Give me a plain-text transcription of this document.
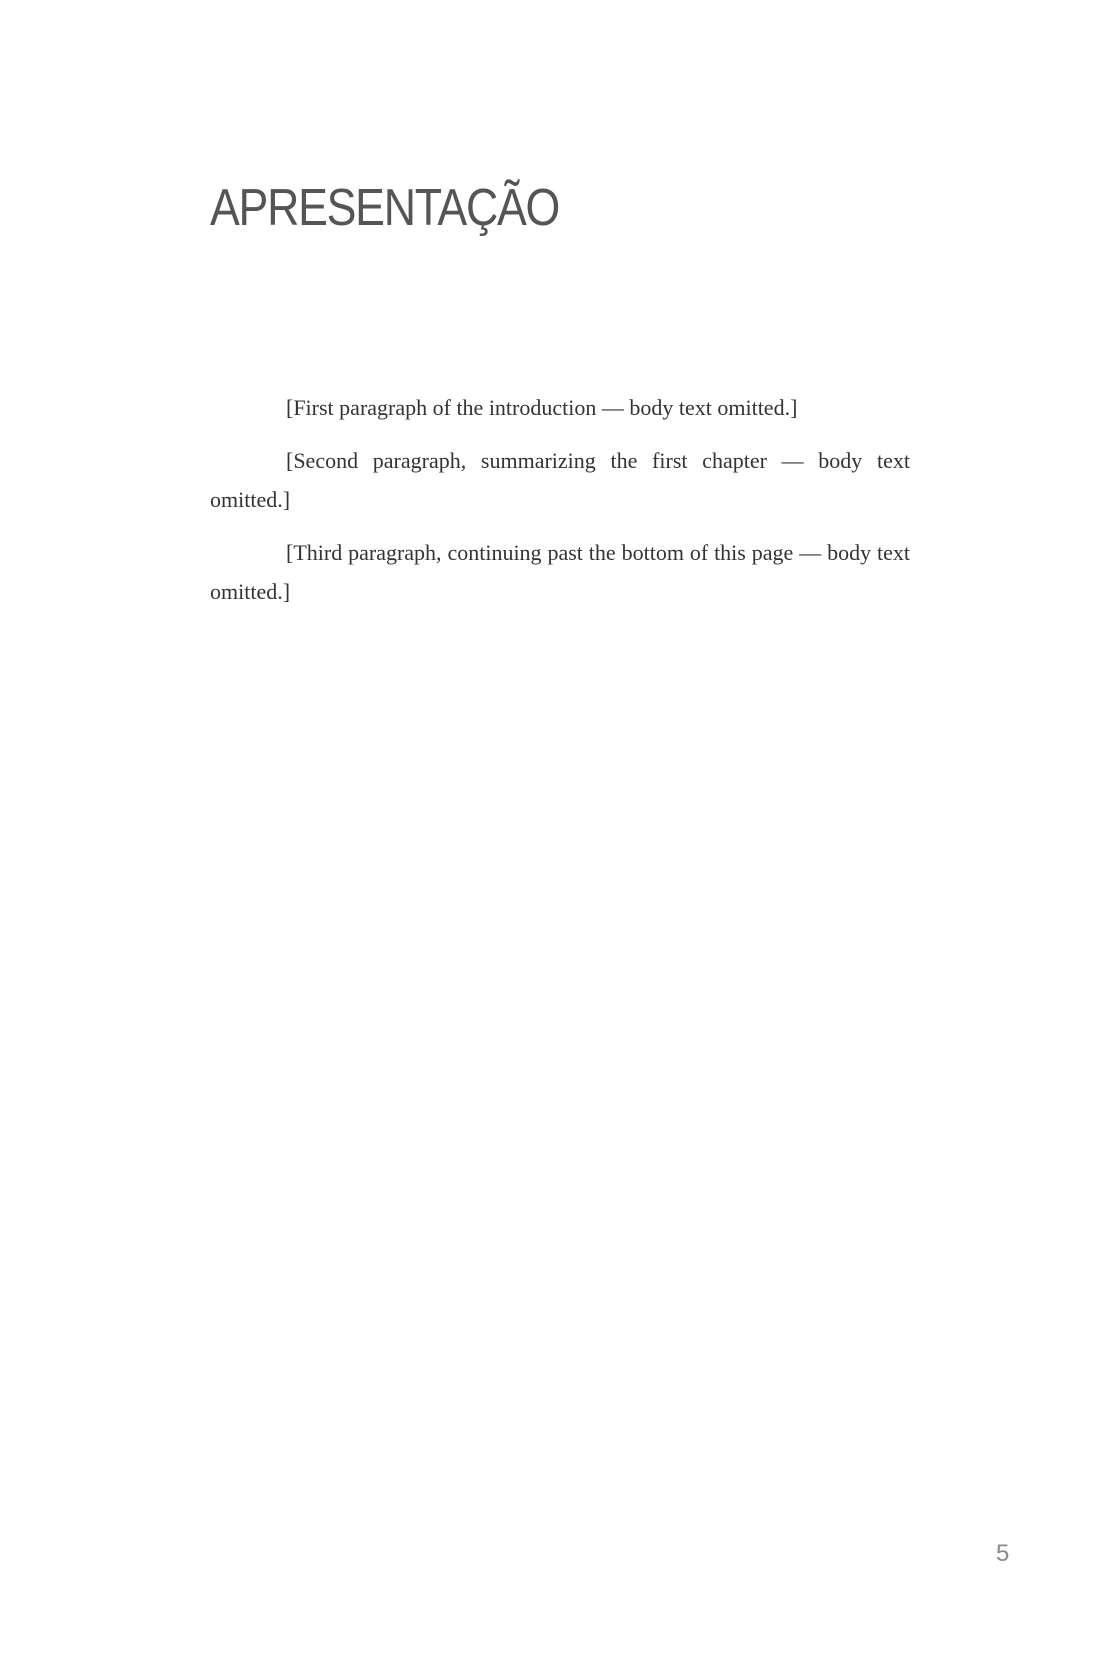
APRESENTAÇÃO

[First paragraph of the introduction — body text omitted.]

[Second paragraph, summarizing the first chapter — body text omitted.]

[Third paragraph, continuing past the bottom of this page — body text omitted.]

5
